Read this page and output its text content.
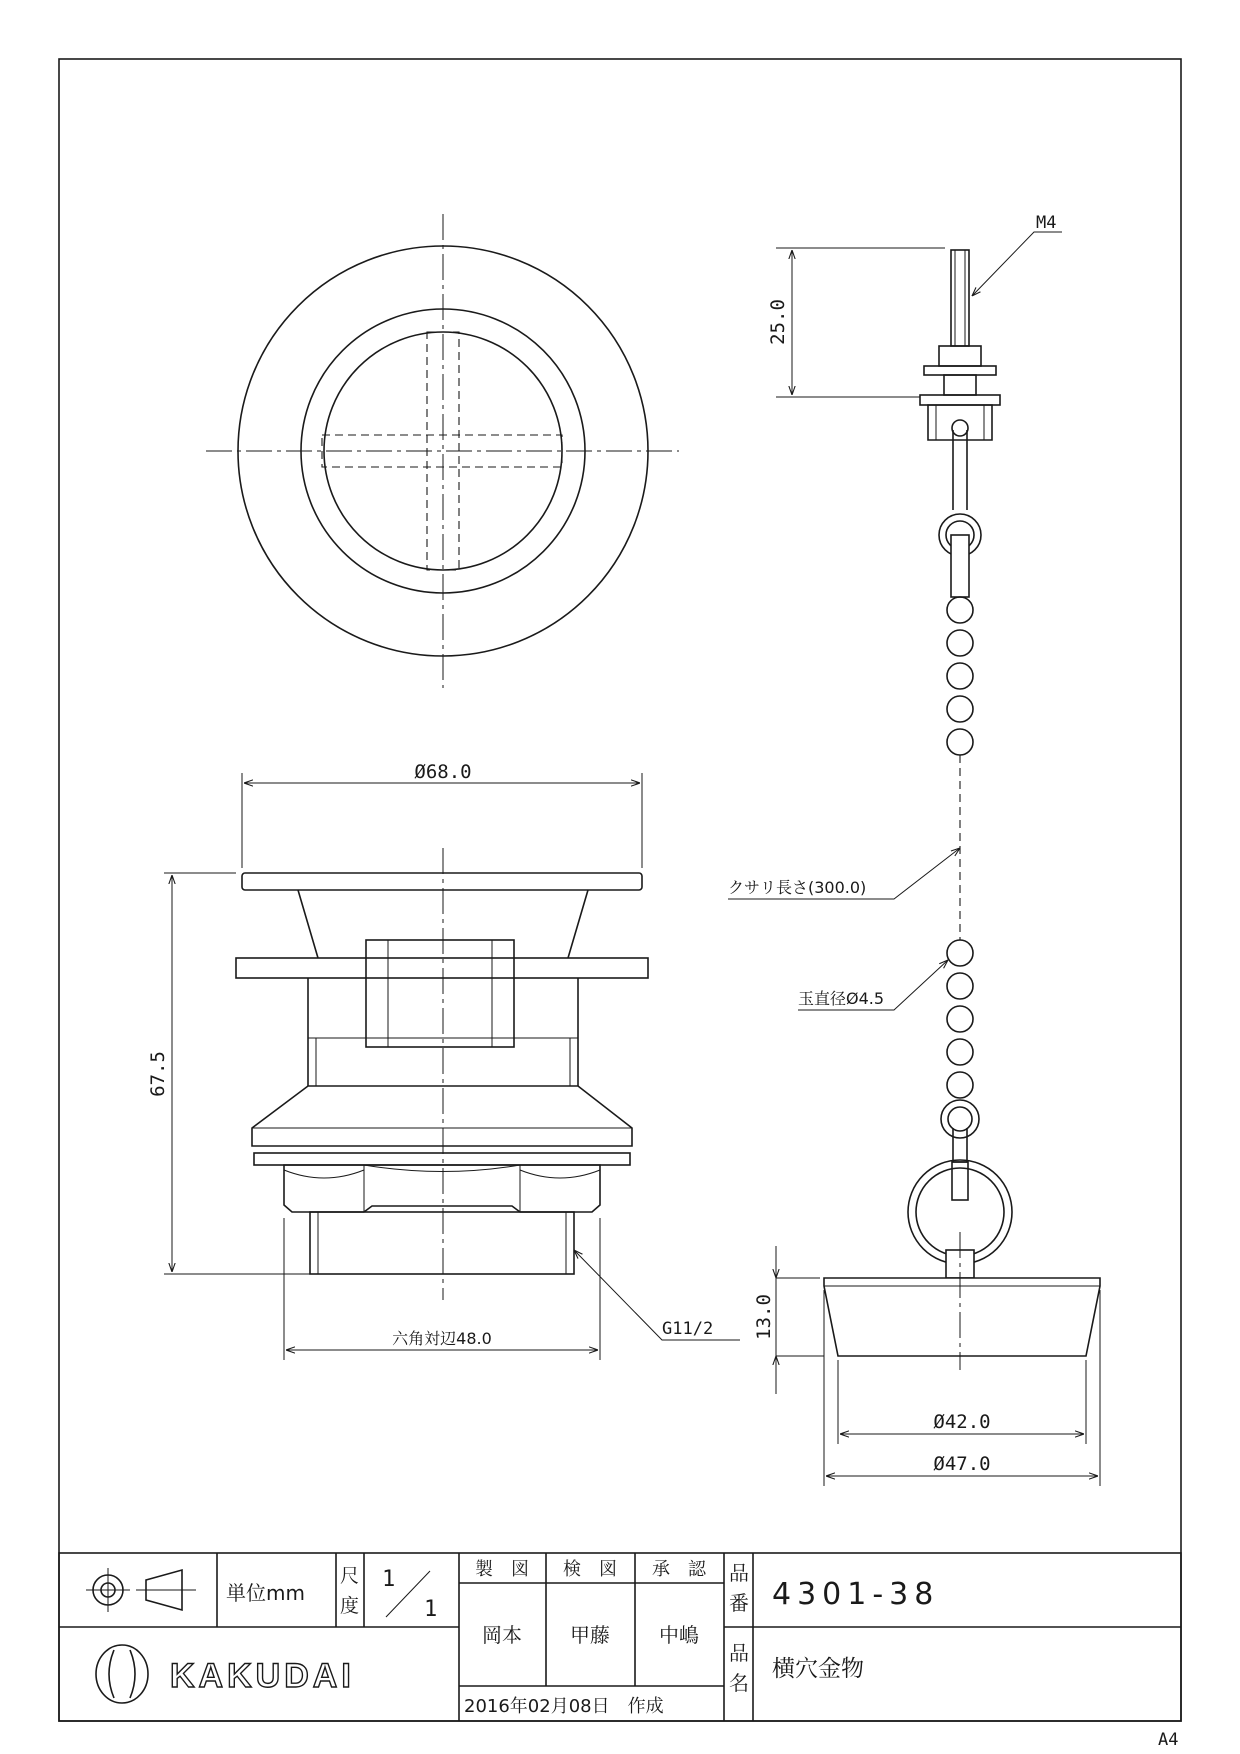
M4
25.0
Ø68.0
クサリ長さ(300.0)
玉直径Ø4.5
67.5
六角対辺48.0	G11/2 13.0
Ø42.0
Ø47.0
KAKUDAI
単位mm
尺
度
1
1
製　図 検　図 承　認
岡本 甲藤 中嶋
2016年02月08日　作成
品
番 4301-38
品
名
横穴金物
A4
